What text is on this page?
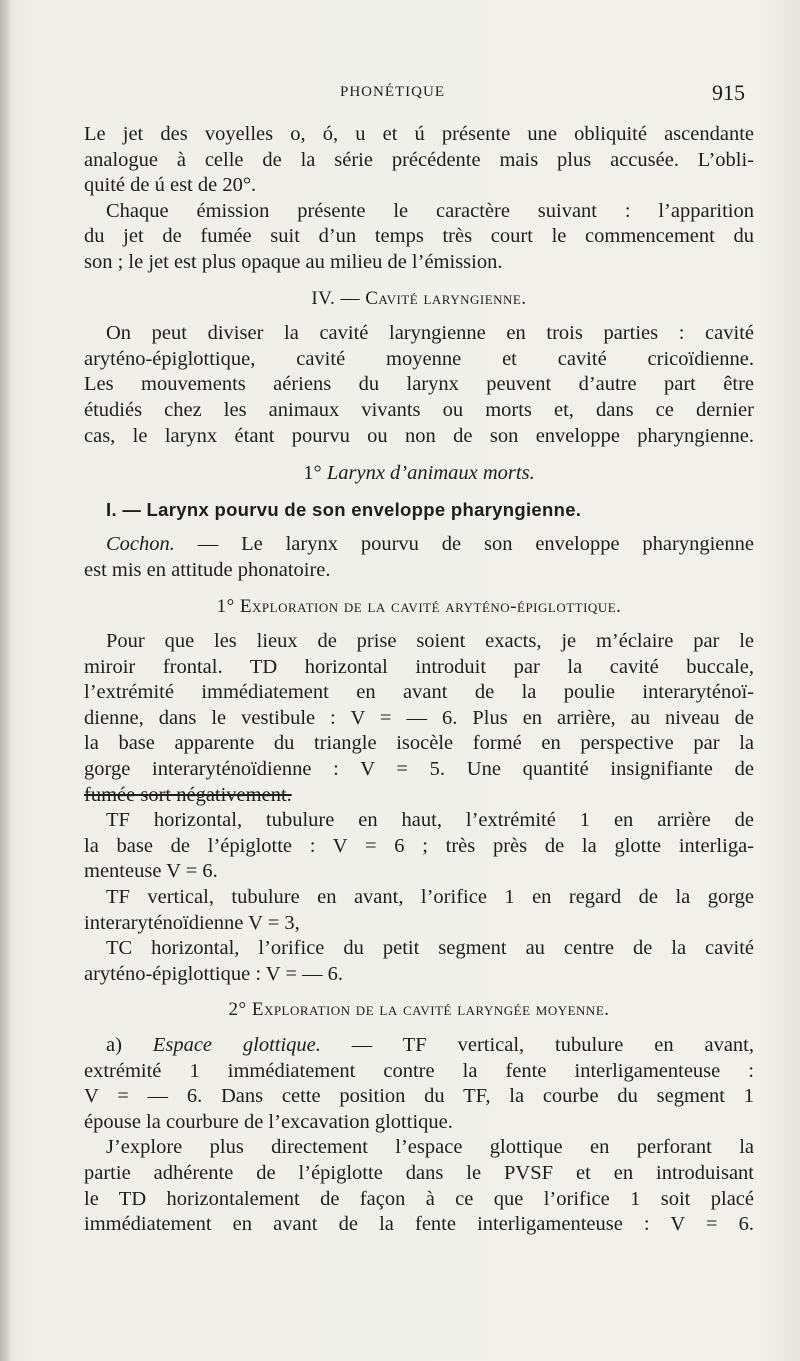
PHONÉTIQUE	915
Le jet des voyelles o, ó, u et ú présente une obliquité ascendante
analogue à celle de la série précédente mais plus accusée. L’obli-
quité de ú est de 20°.
Chaque émission présente le caractère suivant : l’apparition
du jet de fumée suit d’un temps très court le commencement du
son ; le jet est plus opaque au milieu de l’émission.
IV. — Cavité laryngienne.
On peut diviser la cavité laryngienne en trois parties : cavité
aryténo-épiglottique, cavité moyenne et cavité cricoïdienne.
Les mouvements aériens du larynx peuvent d’autre part être
étudiés chez les animaux vivants ou morts et, dans ce dernier
cas, le larynx étant pourvu ou non de son enveloppe pharyngienne.
1° Larynx d’animaux morts.
I. — Larynx pourvu de son enveloppe pharyngienne.
Cochon. — Le larynx pourvu de son enveloppe pharyngienne
est mis en attitude phonatoire.
1° Exploration de la cavité aryténo-épiglottique.
Pour que les lieux de prise soient exacts, je m’éclaire par le
miroir frontal. TD horizontal introduit par la cavité buccale,
l’extrémité immédiatement en avant de la poulie interaryténoï-
dienne, dans le vestibule : V = — 6. Plus en arrière, au niveau de
la base apparente du triangle isocèle formé en perspective par la
gorge interaryténoïdienne : V = 5. Une quantité insignifiante de
fumée sort négativement.
TF horizontal, tubulure en haut, l’extrémité 1 en arrière de
la base de l’épiglotte : V = 6 ; très près de la glotte interliga-
menteuse V = 6.
TF vertical, tubulure en avant, l’orifice 1 en regard de la gorge
interaryténoïdienne V = 3,
TC horizontal, l’orifice du petit segment au centre de la cavité
aryténo-épiglottique : V = — 6.
2° Exploration de la cavité laryngée moyenne.
a) Espace glottique. — TF vertical, tubulure en avant,
extrémité 1 immédiatement contre la fente interligamenteuse :
V = — 6. Dans cette position du TF, la courbe du segment 1
épouse la courbure de l’excavation glottique.
J’explore plus directement l’espace glottique en perforant la
partie adhérente de l’épiglotte dans le PVSF et en introduisant
le TD horizontalement de façon à ce que l’orifice 1 soit placé
immédiatement en avant de la fente interligamenteuse : V = 6.
